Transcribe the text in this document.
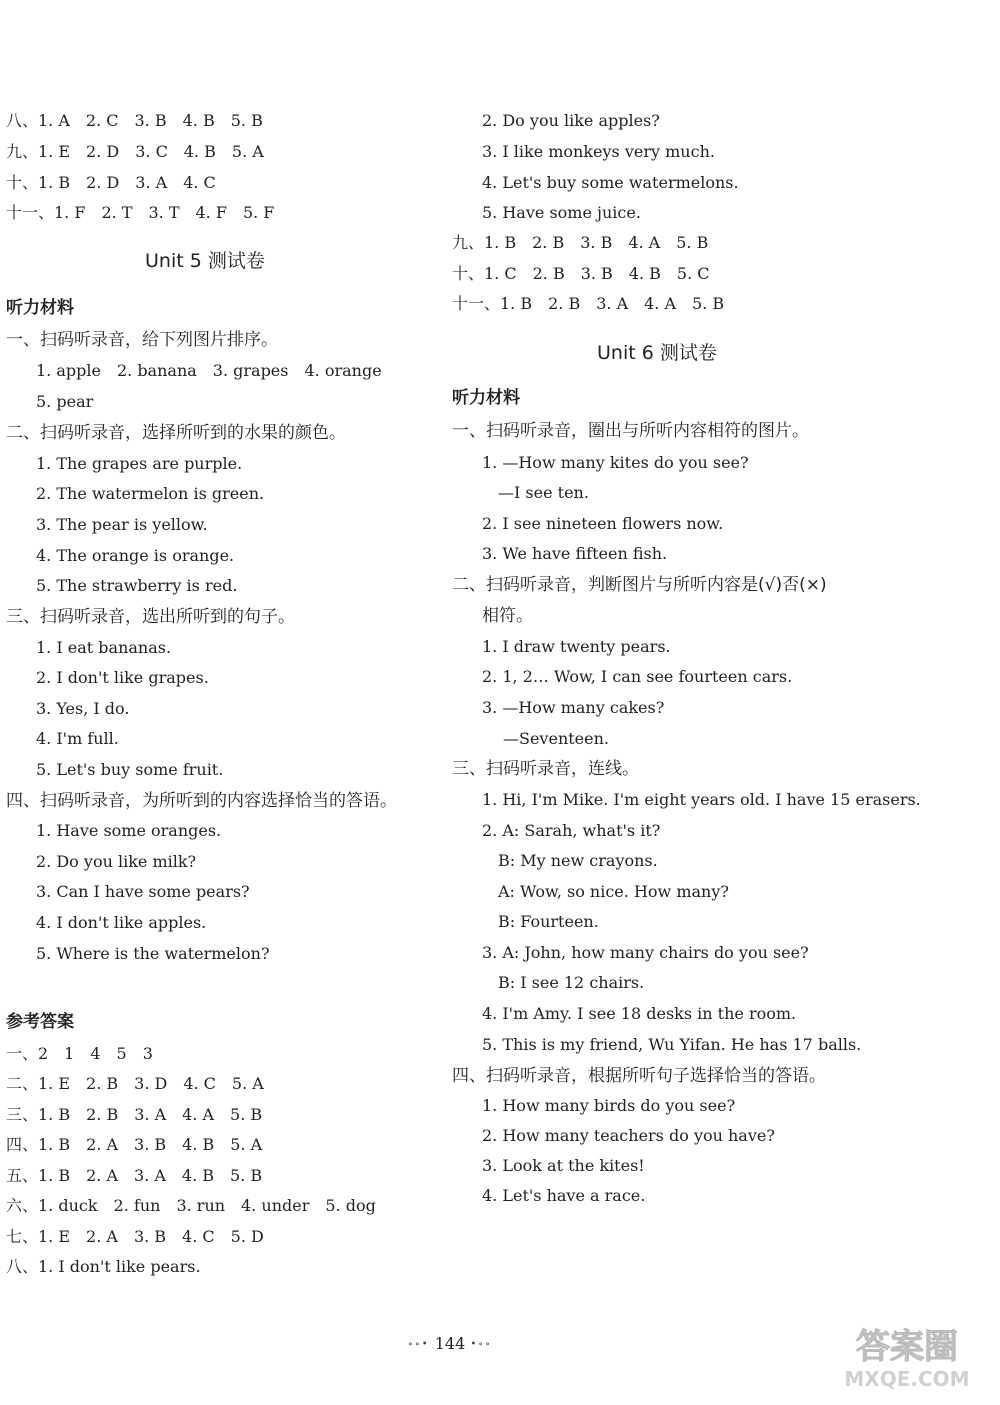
八、1. A　2. C　3. B　4. B　5. B
九、1. E　2. D　3. C　4. B　5. A
十、1. B　2. D　3. A　4. C
十一、1. F　2. T　3. T　4. F　5. F
Unit 5 测试卷
听力材料
一、扫码听录音，给下列图片排序。
1. apple　2. banana　3. grapes　4. orange
5. pear
二、扫码听录音，选择所听到的水果的颜色。
1. The grapes are purple.
2. The watermelon is green.
3. The pear is yellow.
4. The orange is orange.
5. The strawberry is red.
三、扫码听录音，选出所听到的句子。
1. I eat bananas.
2. I don't like grapes.
3. Yes, I do.
4. I'm full.
5. Let's buy some fruit.
四、扫码听录音，为所听到的内容选择恰当的答语。
1. Have some oranges.
2. Do you like milk?
3. Can I have some pears?
4. I don't like apples.
5. Where is the watermelon?
参考答案
一、2　1　4　5　3
二、1. E　2. B　3. D　4. C　5. A
三、1. B　2. B　3. A　4. A　5. B
四、1. B　2. A　3. B　4. B　5. A
五、1. B　2. A　3. A　4. B　5. B
六、1. duck　2. fun　3. run　4. under　5. dog
七、1. E　2. A　3. B　4. C　5. D
八、1. I don't like pears.
2. Do you like apples?
3. I like monkeys very much.
4. Let's buy some watermelons.
5. Have some juice.
九、1. B　2. B　3. B　4. A　5. B
十、1. C　2. B　3. B　4. B　5. C
十一、1. B　2. B　3. A　4. A　5. B
Unit 6 测试卷
听力材料
一、扫码听录音，圈出与所听内容相符的图片。
1. —How many kites do you see?
—I see ten.
2. I see nineteen flowers now.
3. We have fifteen fish.
二、扫码听录音，判断图片与所听内容是(√)否(×)
相符。
1. I draw twenty pears.
2. 1, 2… Wow, I can see fourteen cars.
3. —How many cakes?
—Seventeen.
三、扫码听录音，连线。
1. Hi, I'm Mike. I'm eight years old. I have 15 erasers.
2. A: Sarah, what's it?
B: My new crayons.
A: Wow, so nice. How many?
B: Fourteen.
3. A: John, how many chairs do you see?
B: I see 12 chairs.
4. I'm Amy. I see 18 desks in the room.
5. This is my friend, Wu Yifan. He has 17 balls.
四、扫码听录音，根据所听句子选择恰当的答语。
1. How many birds do you see?
2. How many teachers do you have?
3. Look at the kites!
4. Let's have a race.
∘∘• 144 •∘∘	答案圈
MXQE.COM
